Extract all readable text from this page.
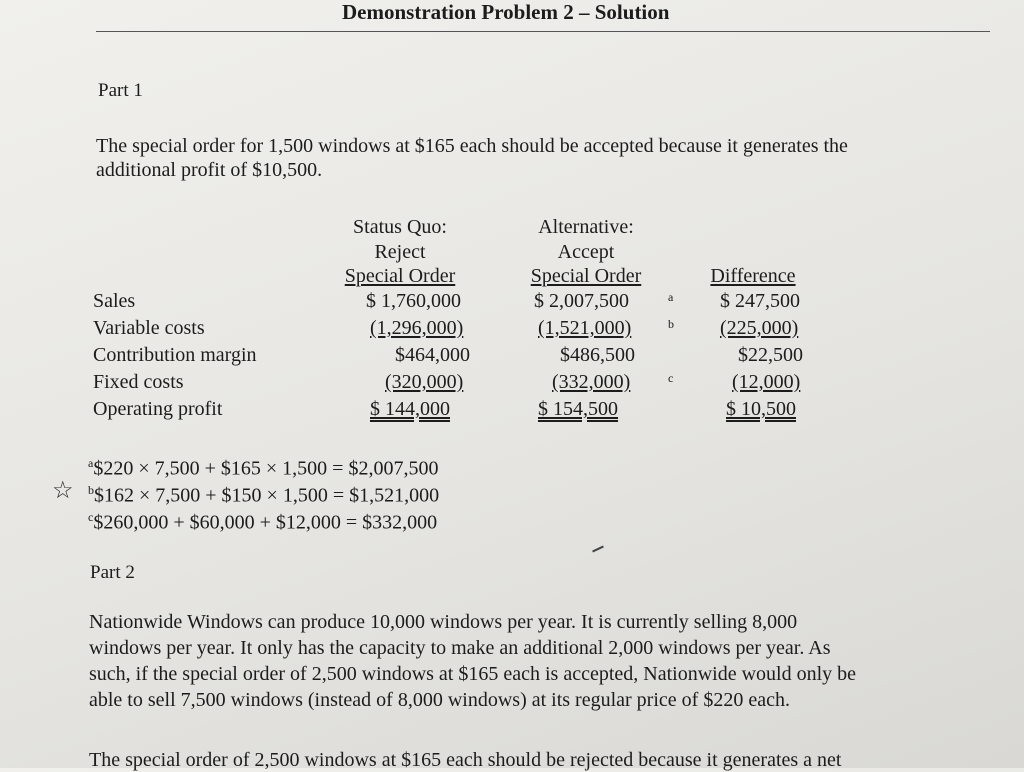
Demonstration Problem 2 – Solution
Part 1
The special order for 1,500 windows at $165 each should be accepted because it generates the
additional profit of $10,500.
Status Quo:
Reject
Special Order
Alternative:
Accept
Special Order	Difference
Sales
Variable costs
Contribution margin
Fixed costs
Operating profit
$ 1,760,000
(1,296,000)
$464,000
(320,000)
$ 144,000
$ 2,007,500
(1,521,000)
$486,500
(332,000)
$ 154,500
a
b
c
$ 247,500
(225,000)
$22,500
(12,000)
$ 10,500
☆
$^a$\$220 × 7,500 + $165 × 1,500 = $2,007,500
$^b$\$162 × 7,500 + $150 × 1,500 = $1,521,000
$^c$\$260,000 + $60,000 + $12,000 = $332,000
Part 2
Nationwide Windows can produce 10,000 windows per year. It is currently selling 8,000
windows per year. It only has the capacity to make an additional 2,000 windows per year. As
such, if the special order of 2,500 windows at $165 each is accepted, Nationwide would only be
able to sell 7,500 windows (instead of 8,000 windows) at its regular price of $220 each.
The special order of 2,500 windows at $165 each should be rejected because it generates a net
